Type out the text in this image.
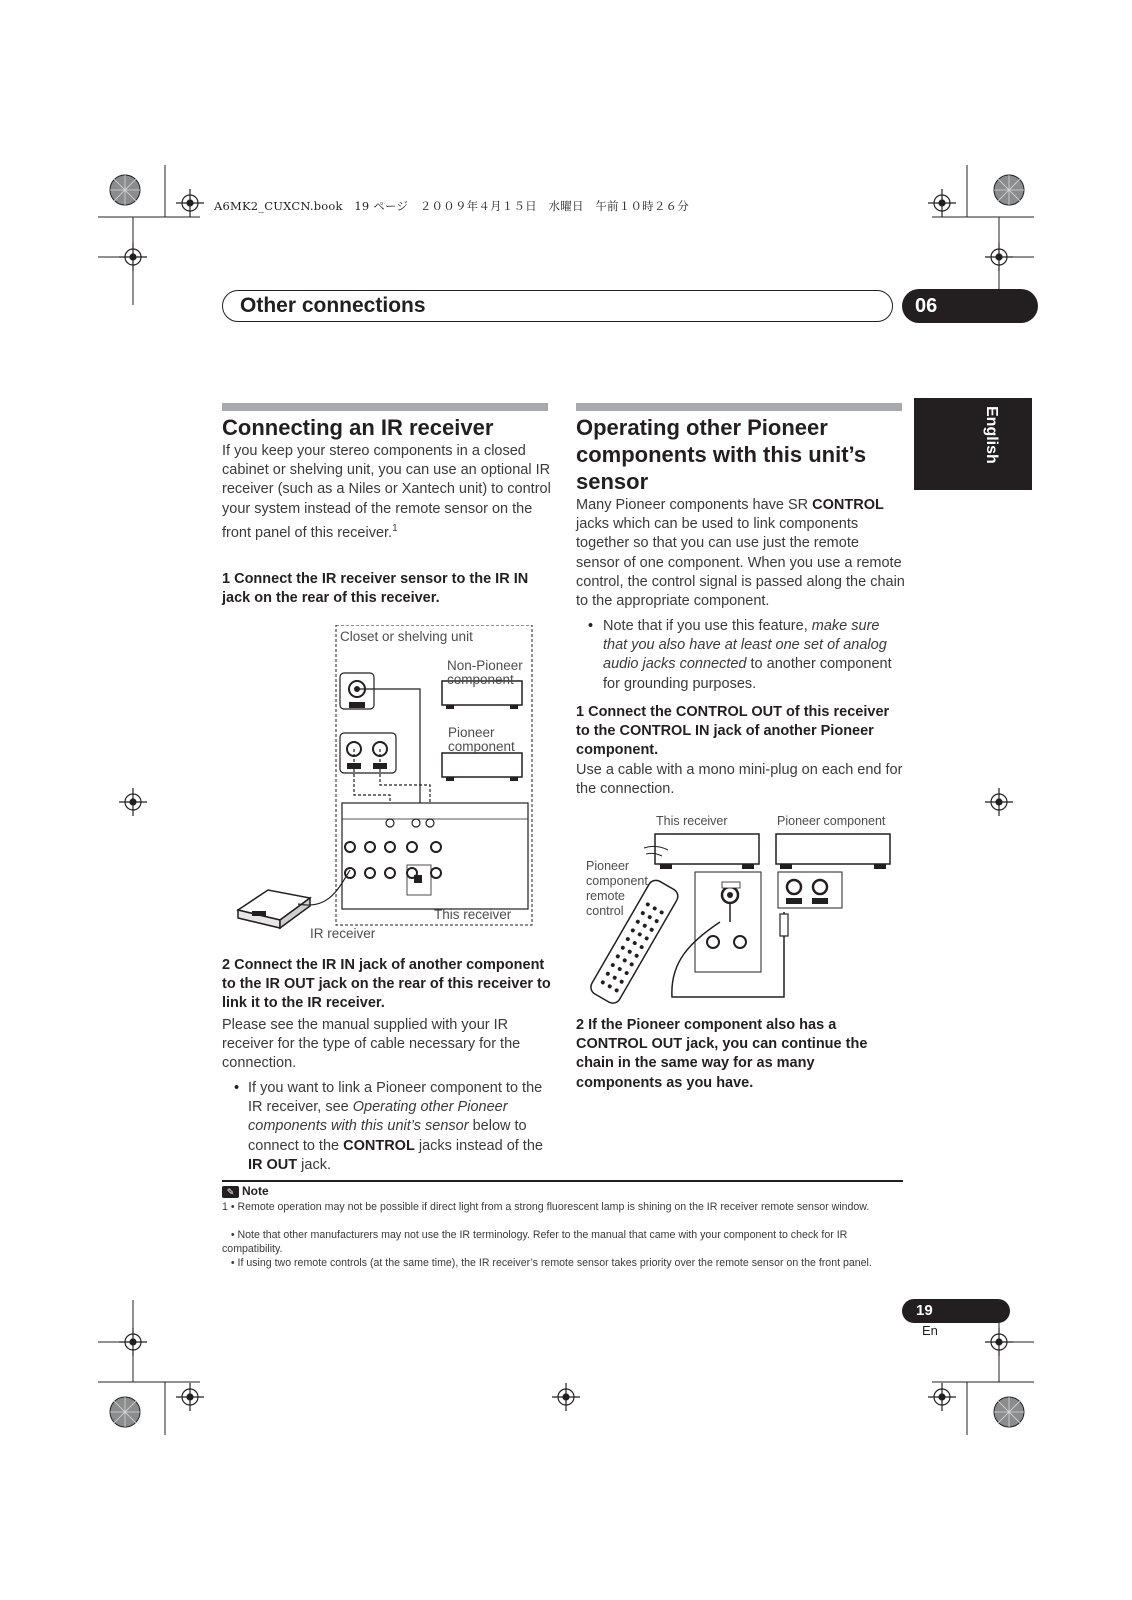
A6MK2_CUXCN.book　19 ページ　２００９年４月１５日　水曜日　午前１０時２６分
Other connections	06
English
Connecting an IR receiver
If you keep your stereo components in a closed cabinet or shelving unit, you can use an optional IR receiver (such as a Niles or Xantech unit) to control your system instead of the remote sensor on the front panel of this receiver.$^1$
1 Connect the IR receiver sensor to the IR IN jack on the rear of this receiver.
Closet or shelving unit
Non-Pioneer
component
Pioneer
component
This receiver
IR receiver
2 Connect the IR IN jack of another component to the IR OUT jack on the rear of this receiver to link it to the IR receiver.
Please see the manual supplied with your IR receiver for the type of cable necessary for the connection.
• If you want to link a Pioneer component to the IR receiver, see Operating other Pioneer components with this unit’s sensor below to connect to the CONTROL jacks instead of the IR OUT jack.
Operating other Pioneer components with this unit’s sensor
Many Pioneer components have SR CONTROL jacks which can be used to link components together so that you can use just the remote sensor of one component. When you use a remote control, the control signal is passed along the chain to the appropriate component.
• Note that if you use this feature, make sure that you also have at least one set of analog audio jacks connected to another component for grounding purposes.
1 Connect the CONTROL OUT of this receiver to the CONTROL IN jack of another Pioneer component.
Use a cable with a mono mini-plug on each end for the connection.
This receiver	Pioneer component
Pioneer
component
remote
control
2 If the Pioneer component also has a CONTROL OUT jack, you can continue the chain in the same way for as many components as you have.
✎ Note
1 • Remote operation may not be possible if direct light from a strong fluorescent lamp is shining on the IR receiver remote sensor window.
• Note that other manufacturers may not use the IR terminology. Refer to the manual that came with your component to check for IR compatibility.
• If using two remote controls (at the same time), the IR receiver’s remote sensor takes priority over the remote sensor on the front panel.
19
En
